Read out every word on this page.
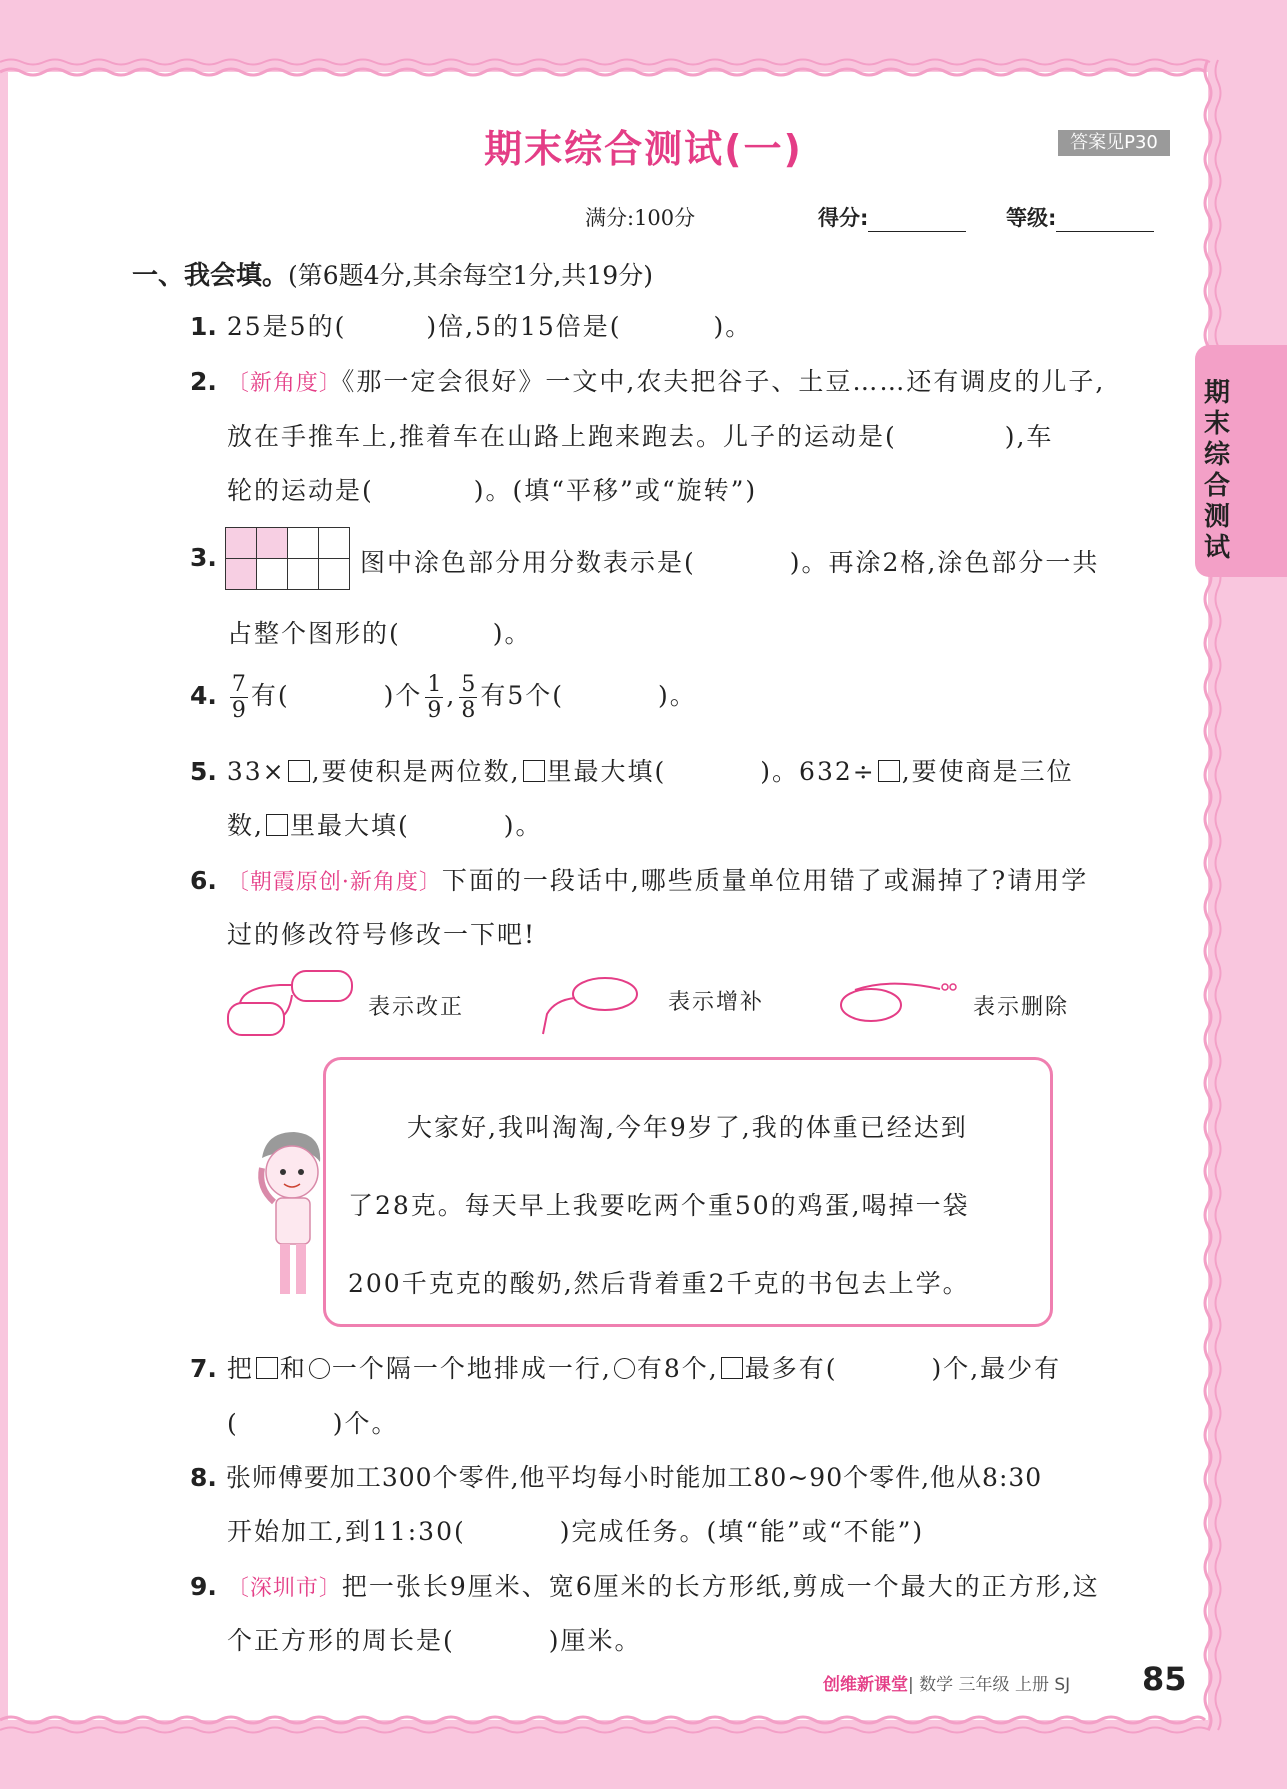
期末综合测试(一)	答案见P30
满分:100分	得分:	等级:
期
末
综
合
测
试
一、我会填。(第6题4分,其余每空1分,共19分)
1. 25是5的(	)倍,5的15倍是(	)。
2. 〔新角度〕《那一定会很好》一文中,农夫把谷子、土豆……还有调皮的儿子,
放在手推车上,推着车在山路上跑来跑去。儿子的运动是(	),车
轮的运动是(	)。(填“平移”或“旋转”)
3.

				图中涂色部分用分数表示是(	)。再涂2格,涂色部分一共
占整个图形的(	)。
4. $\frac{7}{9}$ 有(	)个 $\frac{1}{9}$ , $\frac{5}{8}$ 有5个(	)。
5. 33× ,要使积是两位数, 里最大填(	)。632÷ ,要使商是三位
数, 里最大填(	)。
6. 〔朝霞原创·新角度〕下面的一段话中,哪些质量单位用错了或漏掉了?请用学
过的修改符号修改一下吧!
表示改正	表示增补	表示删除
大家好,我叫淘淘,今年9岁了,我的体重已经达到
了28克。每天早上我要吃两个重50的鸡蛋,喝掉一袋
200千克克的酸奶,然后背着重2千克的书包去上学。
7. 把 和 一个隔一个地排成一行, 有8个, 最多有(	)个,最少有
(	)个。
8. 张师傅要加工300个零件,他平均每小时能加工80~90个零件,他从8:30
开始加工,到11:30(	)完成任务。(填“能”或“不能”)
9. 〔深圳市〕把一张长9厘米、宽6厘米的长方形纸,剪成一个最大的正方形,这
个正方形的周长是(	)厘米。
创维新课堂| 数学 三年级 上册 SJ 85
